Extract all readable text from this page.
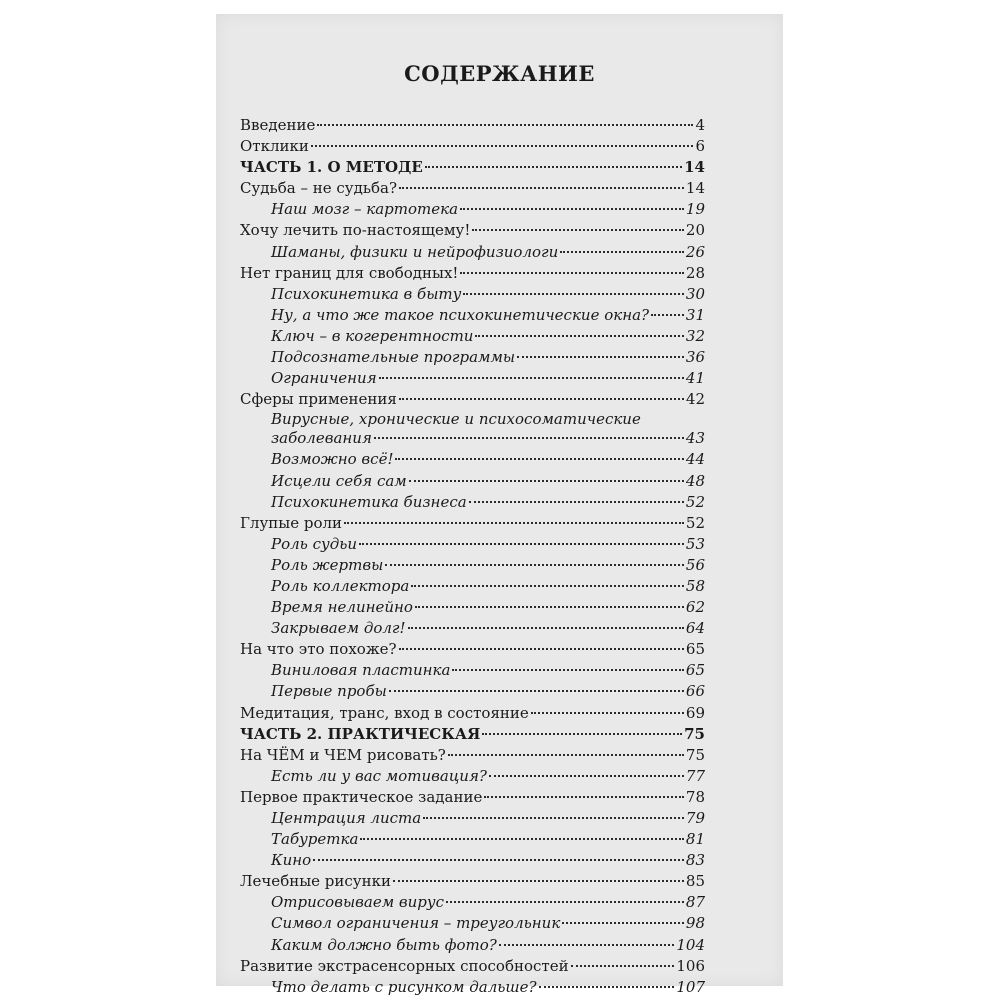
СОДЕРЖАНИЕ
Введение	4
Отклики	6
ЧАСТЬ 1. О МЕТОДЕ	14
Судьба – не судьба?	14
Наш мозг – картотека	19
Хочу лечить по-настоящему!	20
Шаманы, физики и нейрофизиологи	26
Нет границ для свободных!	28
Психокинетика в быту	30
Ну, а что же такое психокинетические окна? 31
Ключ – в когерентности	32
Подсознательные программы	36
Ограничения	41
Сферы применения	42
Вирусные, хронические и психосоматические
заболевания	43
Возможно всё!	44
Исцели себя сам	48
Психокинетика бизнеса	52
Глупые роли	52
Роль судьи	53
Роль жертвы	56
Роль коллектора	58
Время нелинейно	62
Закрываем долг!	64
На что это похоже?	65
Виниловая пластинка	65
Первые пробы	66
Медитация, транс, вход в состояние	69
ЧАСТЬ 2. ПРАКТИЧЕСКАЯ	75
На ЧЁМ и ЧЕМ рисовать?	75
Есть ли у вас мотивация?	77
Первое практическое задание	78
Центрация листа	79
Табуретка	81
Кино	83
Лечебные рисунки	85
Отрисовываем вирус	87
Символ ограничения – треугольник	98
Каким должно быть фото?	104
Развитие экстрасенсорных способностей	106
Что делать с рисунком дальше?	107
